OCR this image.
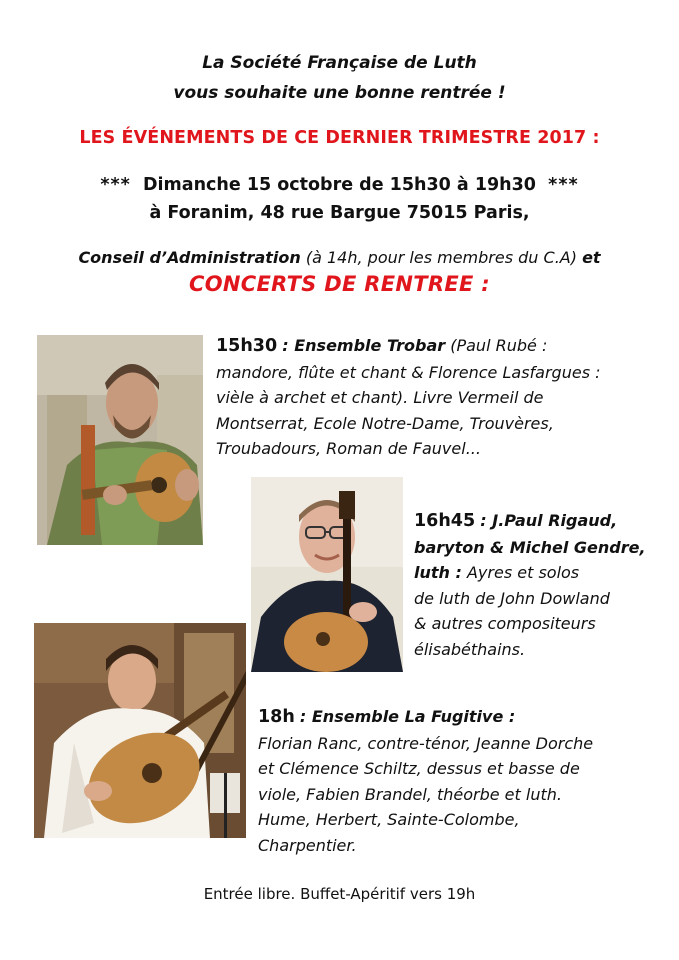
La Société Française de Luth
vous souhaite une bonne rentrée !
LES ÉVÉNEMENTS DE CE DERNIER TRIMESTRE 2017 :
*** Dimanche 15 octobre de 15h30 à 19h30 ***
à Foranim, 48 rue Bargue 75015 Paris,
Conseil d’Administration (à 14h, pour les membres du C.A) et
CONCERTS DE RENTREE :
15h30 : Ensemble Trobar (Paul Rubé :
mandore, flûte et chant & Florence Lasfargues :
vièle à archet et chant). Livre Vermeil de
Montserrat, Ecole Notre-Dame, Trouvères,
Troubadours, Roman de Fauvel...
16h45 : J.Paul Rigaud,
baryton & Michel Gendre,
luth : Ayres et solos
de luth de John Dowland
& autres compositeurs
élisabéthains.
18h : Ensemble La Fugitive :
Florian Ranc, contre-ténor, Jeanne Dorche
et Clémence Schiltz, dessus et basse de
viole, Fabien Brandel, théorbe et luth.
Hume, Herbert, Sainte-Colombe,
Charpentier.
Entrée libre. Buffet-Apéritif vers 19h
